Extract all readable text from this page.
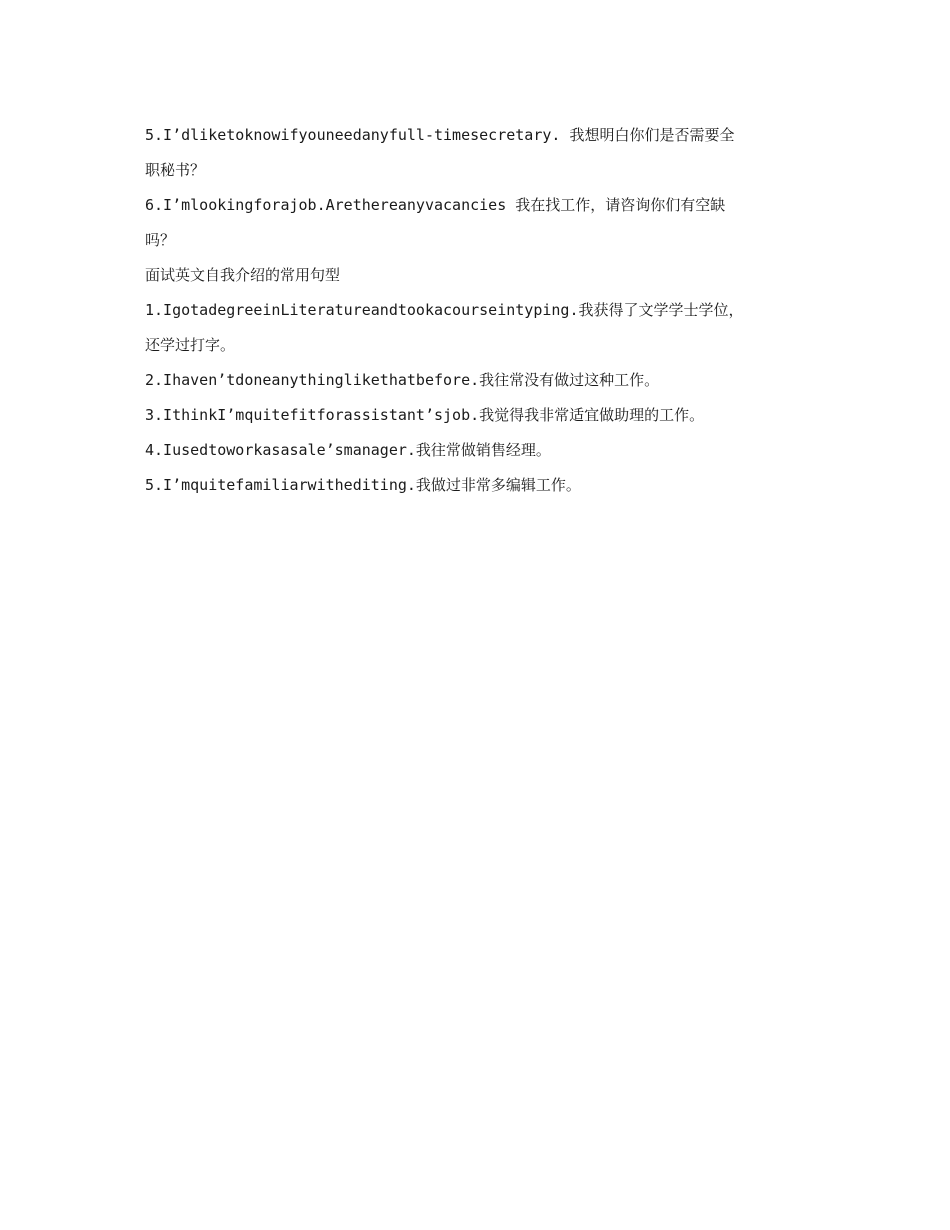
5.I’dliketoknowifyouneedanyfull-timesecretary. 我想明白你们是否需要全
职秘书？
6.I’mlookingforajob.Arethereanyvacancies 我在找工作，请咨询你们有空缺
吗？
面试英文自我介绍的常用句型
1.IgotadegreeinLiteratureandtookacourseintyping.我获得了文学学士学位，
还学过打字。
2.Ihaven’tdoneanythinglikethatbefore.我往常没有做过这种工作。
3.IthinkI’mquitefitforassistant’sjob.我觉得我非常适宜做助理的工作。
4.Iusedtoworkasasale’smanager.我往常做销售经理。
5.I’mquitefamiliarwithediting.我做过非常多编辑工作。
